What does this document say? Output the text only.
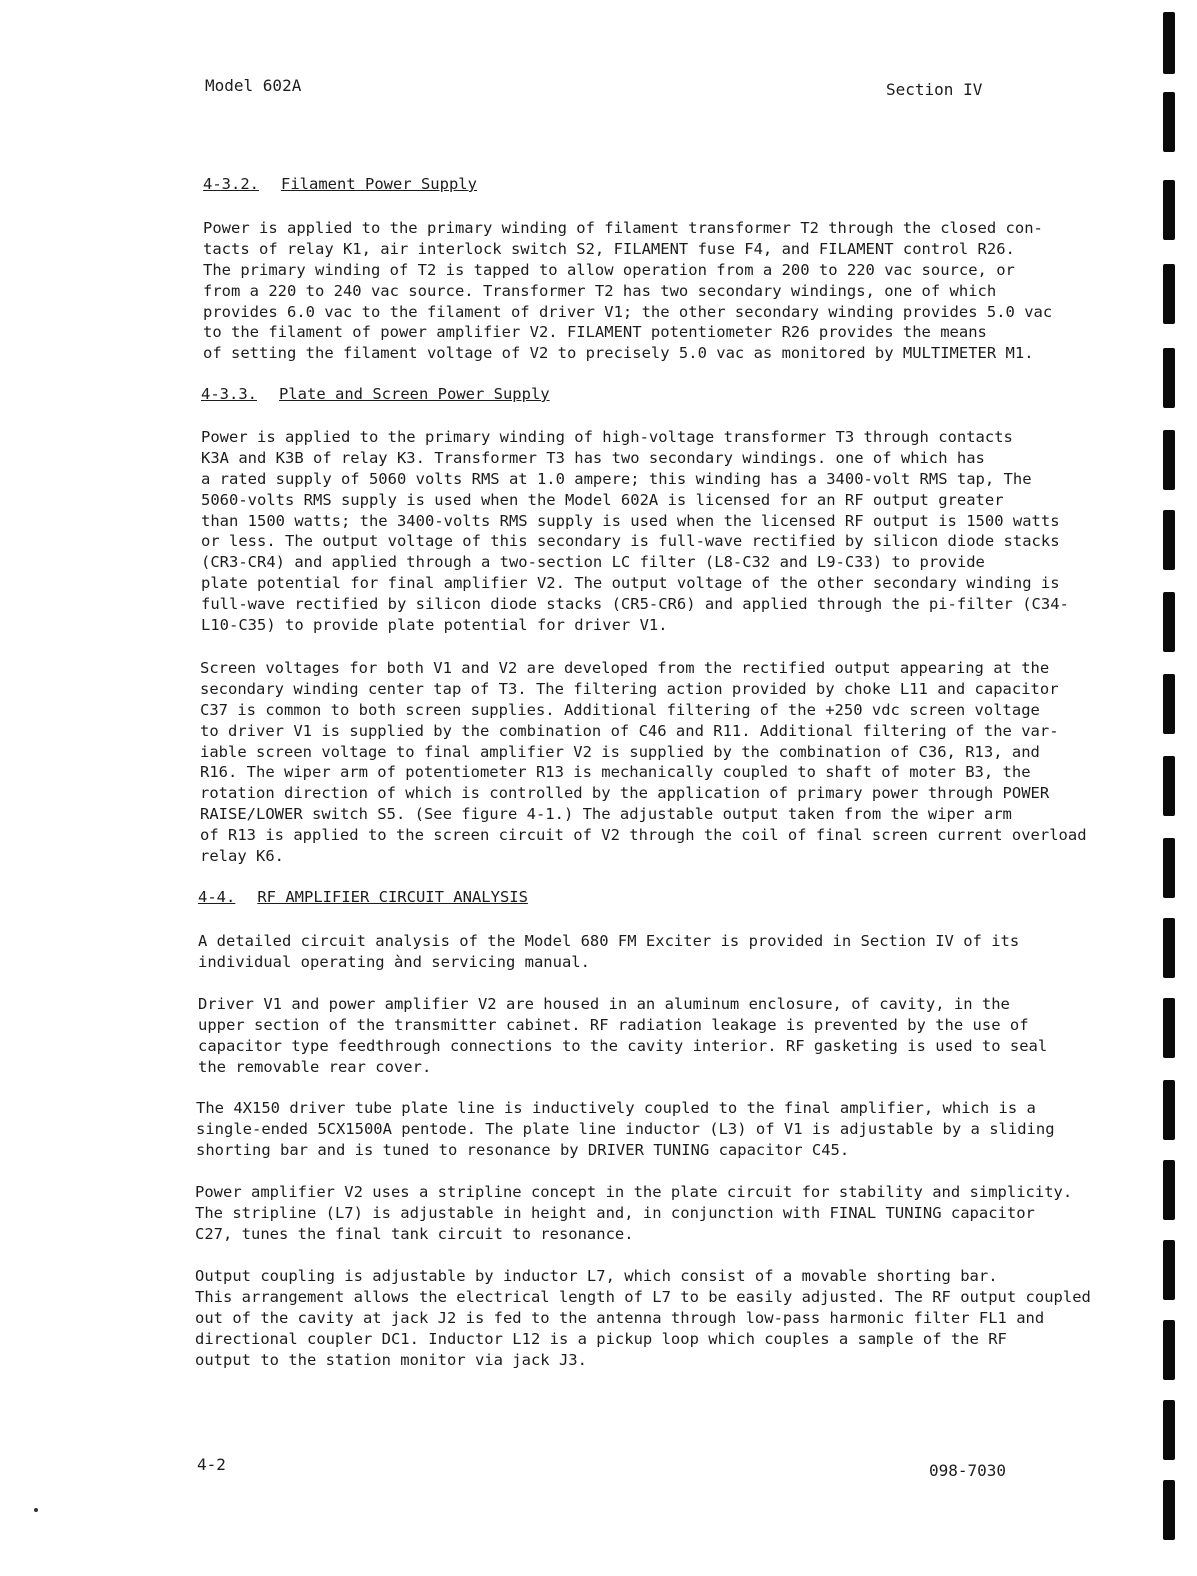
Model 602A	Section IV
4-3.2. Filament Power Supply
Power is applied to the primary winding of filament transformer T2 through the closed con-
tacts of relay K1, air interlock switch S2, FILAMENT fuse F4, and FILAMENT control R26.
The primary winding of T2 is tapped to allow operation from a 200 to 220 vac source, or
from a 220 to 240 vac source. Transformer T2 has two secondary windings, one of which
provides 6.0 vac to the filament of driver V1; the other secondary winding provides 5.0 vac
to the filament of power amplifier V2. FILAMENT potentiometer R26 provides the means
of setting the filament voltage of V2 to precisely 5.0 vac as monitored by MULTIMETER M1.
4-3.3. Plate and Screen Power Supply
Power is applied to the primary winding of high-voltage transformer T3 through contacts
K3A and K3B of relay K3. Transformer T3 has two secondary windings. one of which has
a rated supply of 5060 volts RMS at 1.0 ampere; this winding has a 3400-volt RMS tap, The
5060-volts RMS supply is used when the Model 602A is licensed for an RF output greater
than 1500 watts; the 3400-volts RMS supply is used when the licensed RF output is 1500 watts
or less. The output voltage of this secondary is full-wave rectified by silicon diode stacks
(CR3-CR4) and applied through a two-section LC filter (L8-C32 and L9-C33) to provide
plate potential for final amplifier V2. The output voltage of the other secondary winding is
full-wave rectified by silicon diode stacks (CR5-CR6) and applied through the pi-filter (C34-
L10-C35) to provide plate potential for driver V1.
Screen voltages for both V1 and V2 are developed from the rectified output appearing at the
secondary winding center tap of T3. The filtering action provided by choke L11 and capacitor
C37 is common to both screen supplies. Additional filtering of the +250 vdc screen voltage
to driver V1 is supplied by the combination of C46 and R11. Additional filtering of the var-
iable screen voltage to final amplifier V2 is supplied by the combination of C36, R13, and
R16. The wiper arm of potentiometer R13 is mechanically coupled to shaft of moter B3, the
rotation direction of which is controlled by the application of primary power through POWER
RAISE/LOWER switch S5. (See figure 4-1.) The adjustable output taken from the wiper arm
of R13 is applied to the screen circuit of V2 through the coil of final screen current overload
relay K6.
4-4. RF AMPLIFIER CIRCUIT ANALYSIS
A detailed circuit analysis of the Model 680 FM Exciter is provided in Section IV of its
individual operating ànd servicing manual.
Driver V1 and power amplifier V2 are housed in an aluminum enclosure, of cavity, in the
upper section of the transmitter cabinet. RF radiation leakage is prevented by the use of
capacitor type feedthrough connections to the cavity interior. RF gasketing is used to seal
the removable rear cover.
The 4X150 driver tube plate line is inductively coupled to the final amplifier, which is a
single-ended 5CX1500A pentode. The plate line inductor (L3) of V1 is adjustable by a sliding
shorting bar and is tuned to resonance by DRIVER TUNING capacitor C45.
Power amplifier V2 uses a stripline concept in the plate circuit for stability and simplicity.
The stripline (L7) is adjustable in height and, in conjunction with FINAL TUNING capacitor
C27, tunes the final tank circuit to resonance.
Output coupling is adjustable by inductor L7, which consist of a movable shorting bar.
This arrangement allows the electrical length of L7 to be easily adjusted. The RF output coupled
out of the cavity at jack J2 is fed to the antenna through low-pass harmonic filter FL1 and
directional coupler DC1. Inductor L12 is a pickup loop which couples a sample of the RF
output to the station monitor via jack J3.
4-2	098-7030
